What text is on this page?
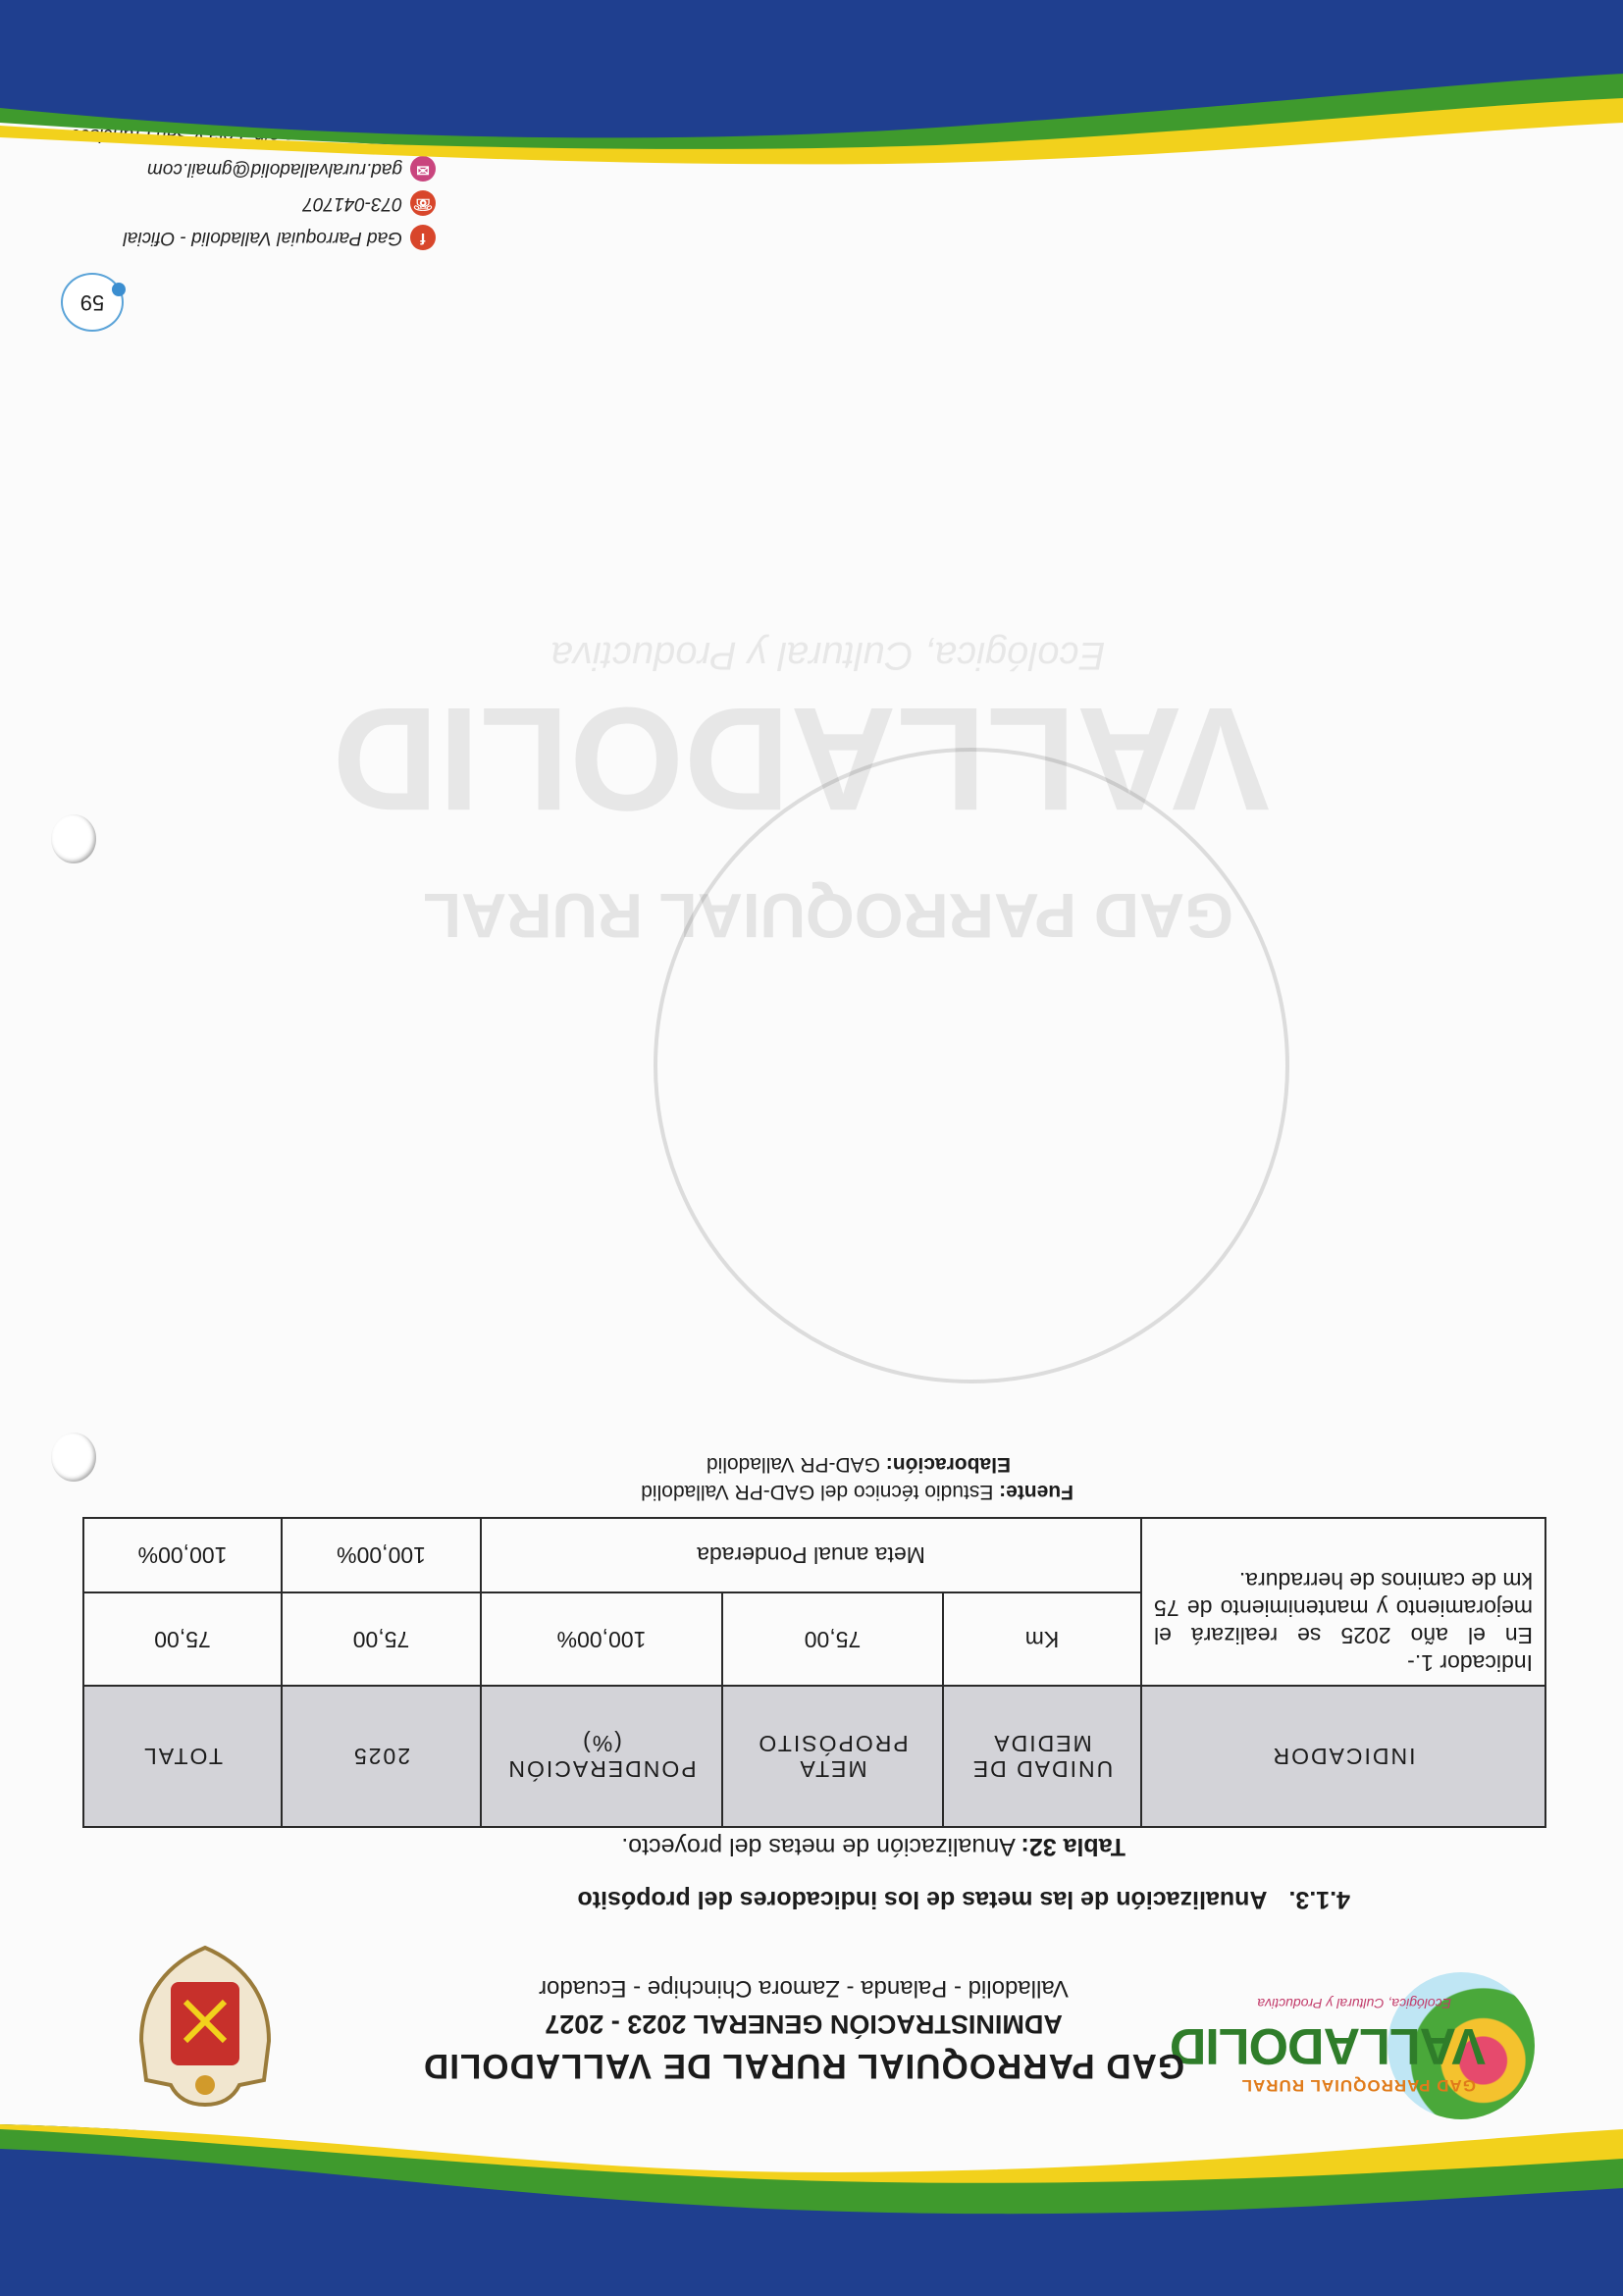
GAD PARROQUIAL RURAL
VALLADOLID
Ecológica, Cultural y Productiva
GAD PARROQUIAL RURAL DE VALLADOLID
ADMINISTRACIÓN GENERAL 2023 - 2027
Valladolid - Palanda - Zamora Chinchipe - Ecuador
4.1.3.Anualización de las metas de los indicadores del propósito
Tabla 32: Anualización de metas del proyecto.
INDICADOR	UNIDAD DE MEDIDA	META PROPÓSITO	PONDERACIÓN (%)	2025	TOTAL

Indicador 1.-
En el año 2025 se realizará el mejoramiento y mantenimiento de 75 km de caminos de herradura.	Km	75,00	100,00%	75,00	75,00
	Meta anual Ponderada			100,00%	100,00%
Fuente: Estudio técnico del GAD-PR Valladolid
Elaboración: GAD-PR Valladolid
GAD PARROQUIAL RURAL
VALLADOLID
Ecológica, Cultural y Productiva
59
fGad Parroquial Valladolid - Oficial
☏073-041707
✉gad.ruralvalladolid@gmail.com
